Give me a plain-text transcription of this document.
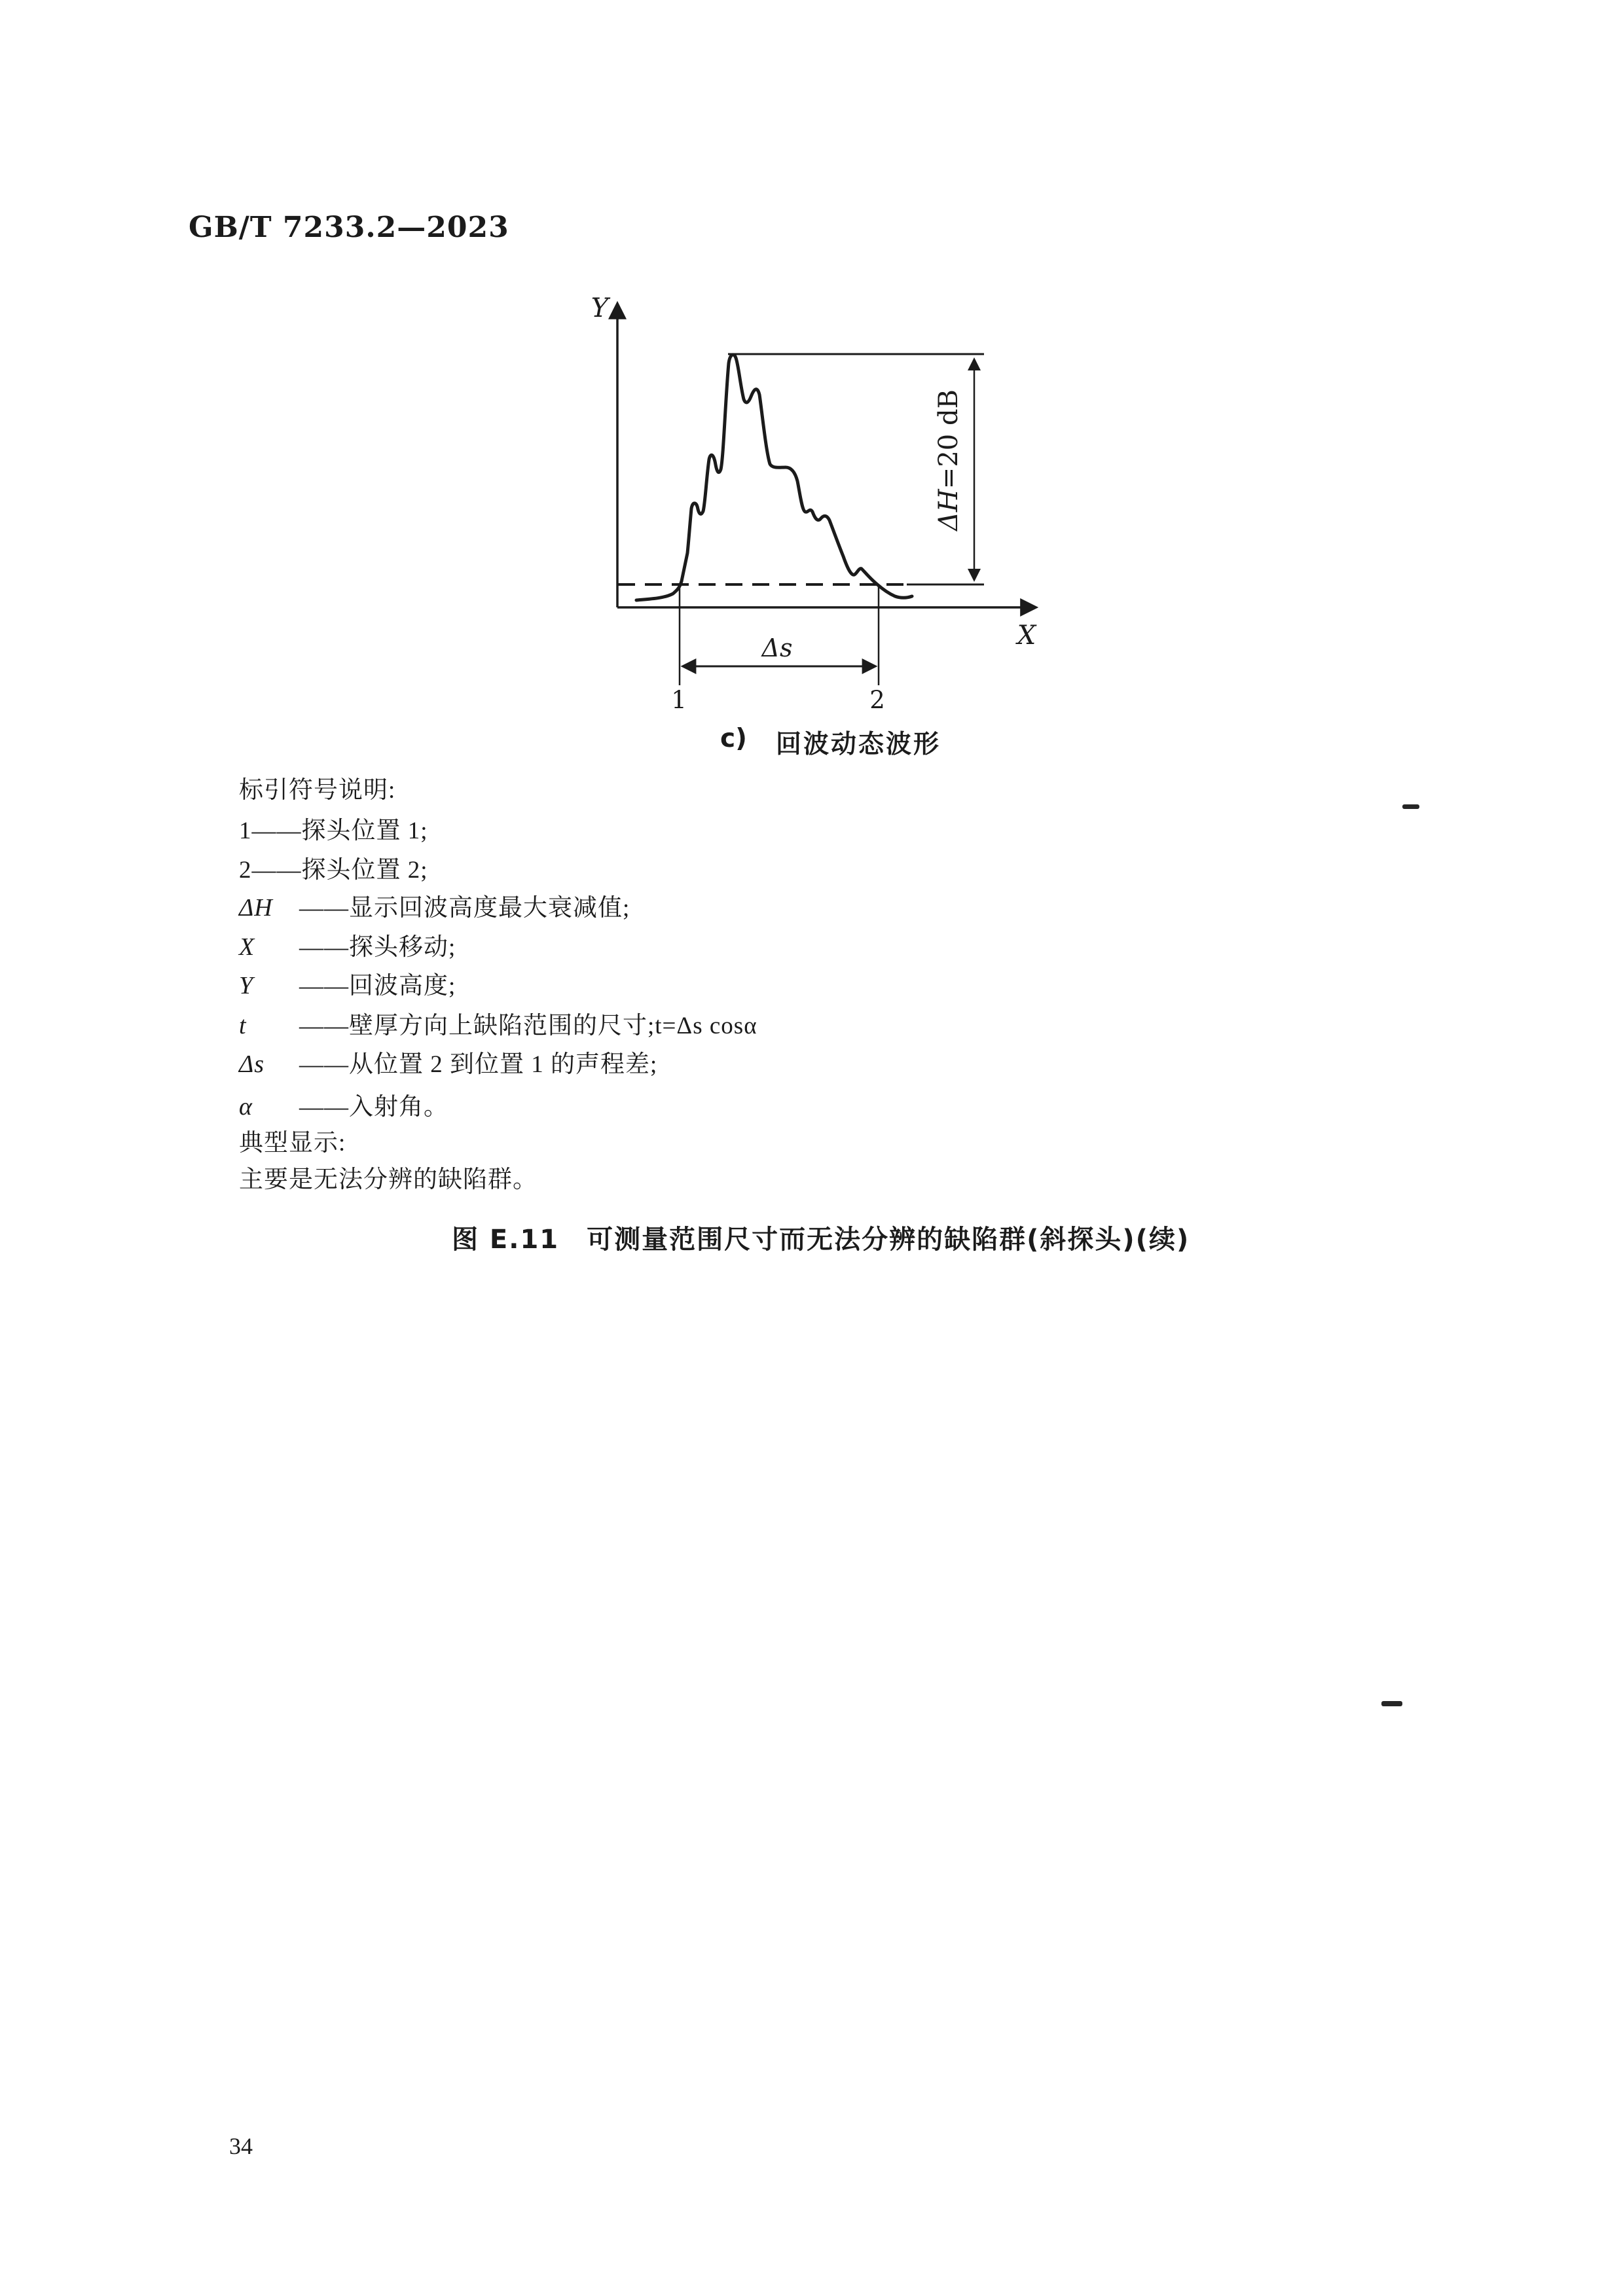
GB/T 7233.2—2023
ΔH=20 dB
Δs
Y
X
1	2
c) 回波动态波形
标引符号说明:
1——探头位置 1;
2——探头位置 2;
ΔH ——显示回波高度最大衰减值;
X ——探头移动;
Y ——回波高度;
t ——壁厚方向上缺陷范围的尺寸;t=Δs cosα
Δs ——从位置 2 到位置 1 的声程差;
α ——入射角。
典型显示:
主要是无法分辨的缺陷群。
图 E.11　可测量范围尺寸而无法分辨的缺陷群(斜探头)(续)
34
